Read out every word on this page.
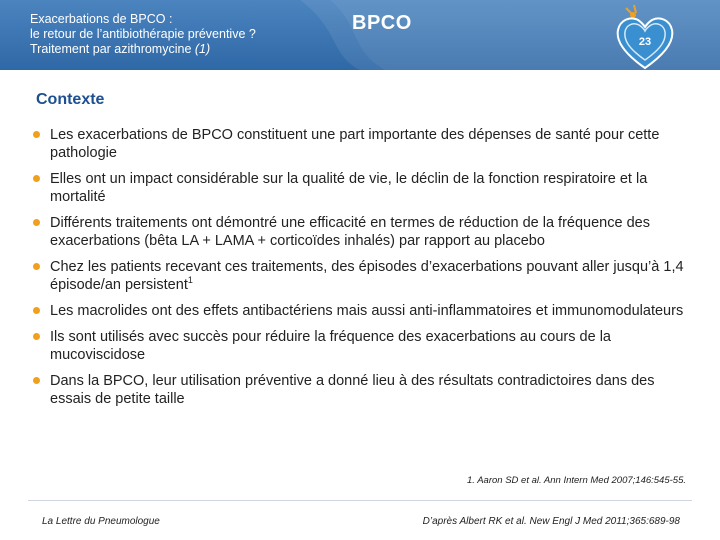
Exacerbations de BPCO :
le retour de l’antibiothérapie préventive ?
Traitement par azithromycine (1)
BPCO
23
Contexte
Les exacerbations de BPCO constituent une part importante des dépenses de santé pour cette pathologie
Elles ont un impact considérable sur la qualité de vie, le déclin de la fonction respiratoire et la mortalité
Différents traitements ont démontré une efficacité en termes de réduction de la fréquence des exacerbations (bêta LA + LAMA + corticoïdes inhalés) par rapport au placebo
Chez les patients recevant ces traitements, des épisodes d’exacerbations pouvant aller jusqu’à 1,4 épisode/an persistent$^1$
Les macrolides ont des effets antibactériens mais aussi anti-inflammatoires et immunomodulateurs
Ils sont utilisés avec succès pour réduire la fréquence des exacerbations au cours de la mucoviscidose
Dans la BPCO, leur utilisation préventive a donné lieu à des résultats contradictoires dans des essais de petite taille
1. Aaron SD et al. Ann Intern Med 2007;146:545-55.
La Lettre du Pneumologue	D’après Albert RK et al. New Engl J Med 2011;365:689-98
